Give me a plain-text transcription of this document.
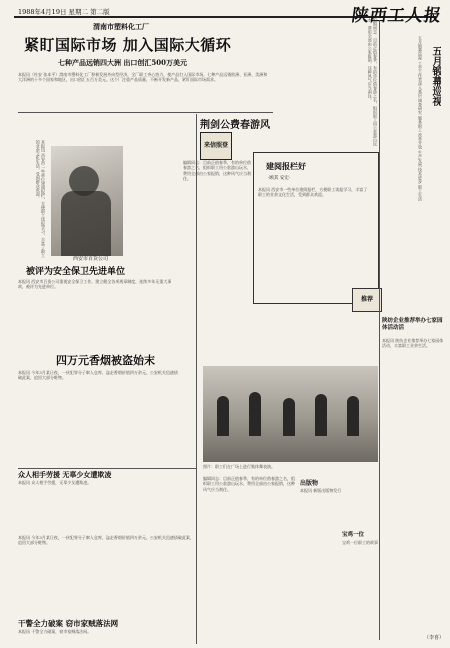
1988年4月19日 星期二 第二版	陕西工人报
渭南市塑料化工厂
紧盯国际市场 加入国际大循环
七种产品远销四大洲 出口创汇500万美元
本报讯（杜安 张本平）渭南市塑料化工厂积极发展外向型经济，全厂职工齐心协力，使产品打入国际市场，七种产品远销欧洲、亚洲、美洲和大洋洲的十多个国家和地区，出口创汇五百万美元。这个厂注重产品质量，不断开发新产品，紧盯国际市场需求。	五月锻幕巡视
五月锻幕巡视 工会工作者深入基层 调查研究 服务职工 改革开放 生产发展 技术进步 职工生活
编辑同志：目前正值春季，有的单位借春游之名，组织职工用公款游山玩水，费用全部由公家报销，这种风气应当刹住。
本报讯 西安市一些单位建阅报栏，方便职工读报学习，丰富了职工的业余文化生活，受到群众欢迎。
荆剑公费春游风
来信照登
建阅报栏好
·顾其 安宏·
本报讯 西安市一些单位建阅报栏，方便职工读报学习，丰富了职工的业余文化生活，受到群众欢迎。
西安市百货公司
被评为安全保卫先进单位
本报讯 西安市百货公司重视安全保卫工作，建立健全各项规章制度，连续多年无重大事故，被评为先进单位。
编辑同志：目前正值春季，有的单位借春游之名，组织职工用公款游山玩水，费用全部由公家报销，这种风气应当刹住。
四万元香烟被盗始末
本报讯 今年3月某日夜，一伙犯罪分子窜入仓库，盗走香烟价值四万余元。公安机关迅速侦破此案，追回大部分赃物。
照片：职工们在广场上进行集体舞表演。
陕纺企业推荐举办七家园体活动活
本报讯 陕纺企业推荐举办七家园体活动，丰富职工业余生活。
（李喜）
推荐
出版物
本报讯 新版出版物发行
宝鸡一位
宝鸡一位职工的故事
编辑同志：目前正值春季，有的单位借春游之名，组织职工用公款游山玩水，费用全部由公家报销，这种风气应当刹住。
众人相手劳援 无辜少女遭欺凌
本报讯 众人相手劳援，无辜少女遭欺凌。
本报讯 今年3月某日夜，一伙犯罪分子窜入仓库，盗走香烟价值四万余元。公安机关迅速侦破此案，追回大部分赃物。
干警全力破案 窃市家贼落法网
本报讯 干警全力破案，窃市家贼落法网。
